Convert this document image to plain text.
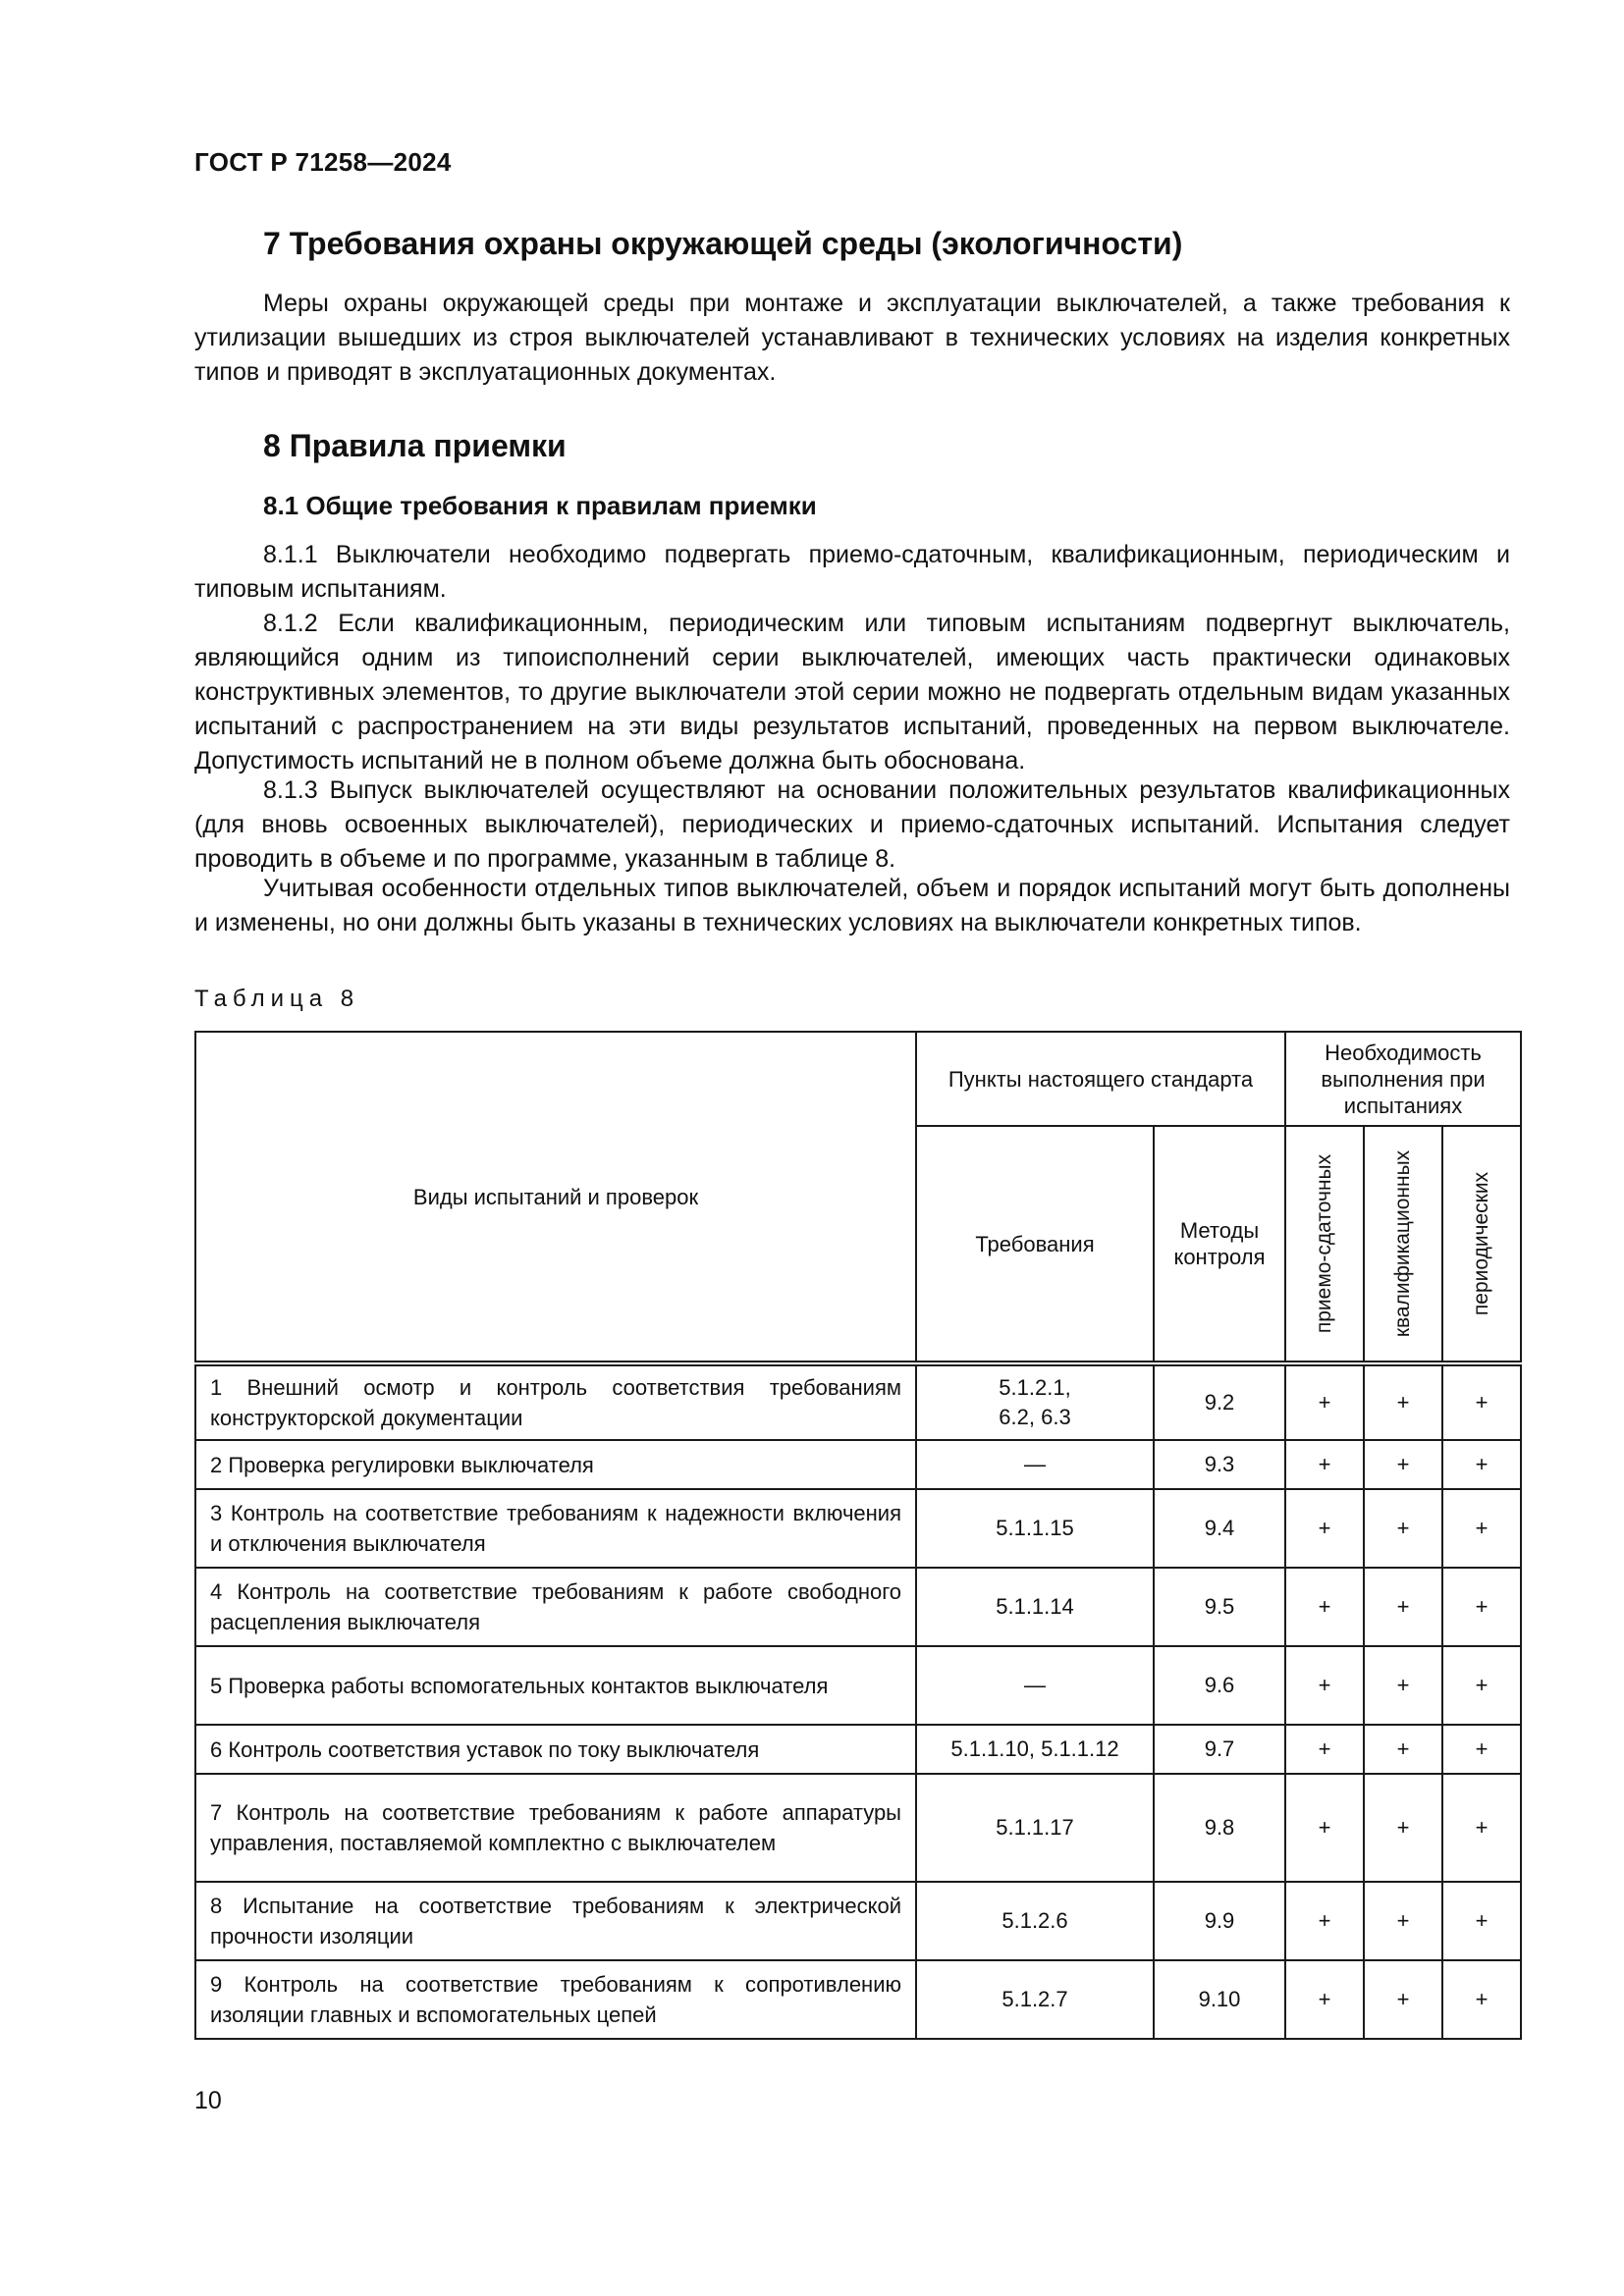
ГОСТ Р 71258—2024
7 Требования охраны окружающей среды (экологичности)

Меры охраны окружающей среды при монтаже и эксплуатации выключателей, а также требования к утилизации вышедших из строя выключателей устанавливают в технических условиях на изделия конкретных типов и приводят в эксплуатационных документах.

8 Правила приемки
8.1 Общие требования к правилам приемки

8.1.1 Выключатели необходимо подвергать приемо-сдаточным, квалификационным, периодическим и типовым испытаниям.

8.1.2 Если квалификационным, периодическим или типовым испытаниям подвергнут выключатель, являющийся одним из типоисполнений серии выключателей, имеющих часть практически одинаковых конструктивных элементов, то другие выключатели этой серии можно не подвергать отдельным видам указанных испытаний с распространением на эти виды результатов испытаний, проведенных на первом выключателе. Допустимость испытаний не в полном объеме должна быть обоснована.

8.1.3 Выпуск выключателей осуществляют на основании положительных результатов квалификационных (для вновь освоенных выключателей), периодических и приемо-сдаточных испытаний. Испытания следует проводить в объеме и по программе, указанным в таблице 8.

Учитывая особенности отдельных типов выключателей, объем и порядок испытаний могут быть дополнены и изменены, но они должны быть указаны в технических условиях на выключатели конкретных типов.

Таблица 8
Виды испытаний и проверок	Пункты настоящего стандарта		Необходимость
выполнения при
испытаниях		

	Требования	Методы
контроля	приемо-сдаточных	квалификационных	периодических

1 Внешний осмотр и контроль соответствия требованиям конструкторской документации	5.1.2.1,
6.2, 6.3	9.2	+	+	+
2 Проверка регулировки выключателя	—	9.3	+	+	+
3 Контроль на соответствие требованиям к надежности включения и отключения выключателя	5.1.1.15	9.4	+	+	+
4 Контроль на соответствие требованиям к работе свободного расцепления выключателя	5.1.1.14	9.5	+	+	+
5 Проверка работы вспомогательных контактов выключателя	—	9.6	+	+	+
6 Контроль соответствия уставок по току выключателя	5.1.1.10, 5.1.1.12	9.7	+	+	+
7 Контроль на соответствие требованиям к работе аппаратуры управления, поставляемой комплектно с выключателем	5.1.1.17	9.8	+	+	+
8 Испытание на соответствие требованиям к электрической прочности изоляции	5.1.2.6	9.9	+	+	+
9 Контроль на соответствие требованиям к сопротивлению изоляции главных и вспомогательных цепей	5.1.2.7	9.10	+	+	+
10
